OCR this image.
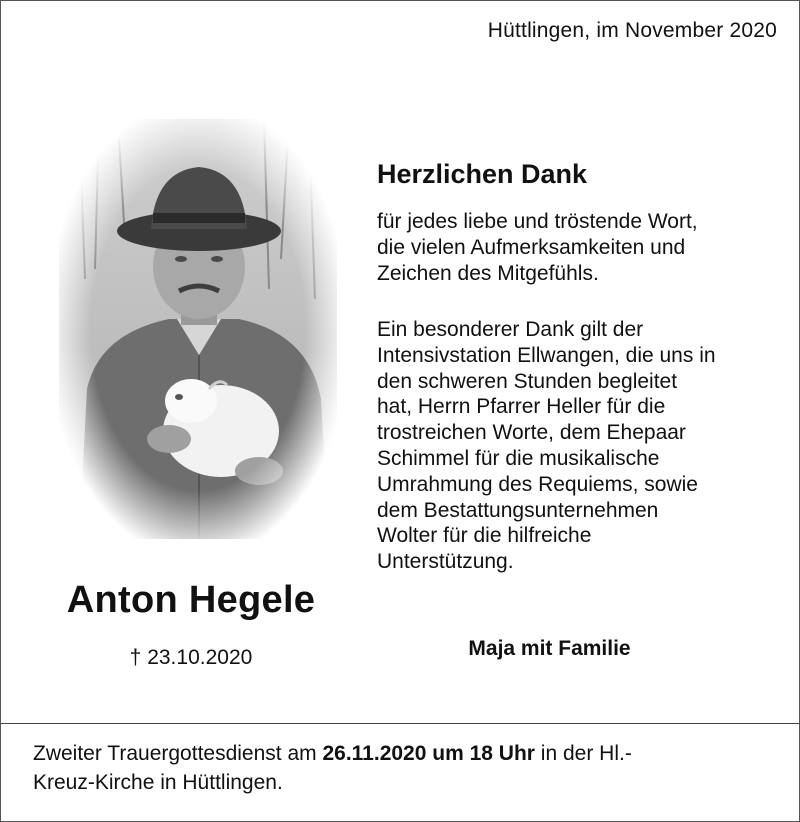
Hüttlingen, im November 2020
Anton Hegele
† 23.10.2020
Herzlichen Dank
für jedes liebe und tröstende Wort,
die vielen Aufmerksamkeiten und
Zeichen des Mitgefühls.
Ein besonderer Dank gilt der
Intensivstation Ellwangen, die uns in
den schweren Stunden begleitet
hat, Herrn Pfarrer Heller für die
trostreichen Worte, dem Ehepaar
Schimmel für die musikalische
Umrahmung des Requiems, sowie
dem Bestattungsunternehmen
Wolter für die hilfreiche
Unterstützung.
Maja mit Familie
Zweiter Trauergottesdienst am 26.11.2020 um 18 Uhr in der Hl.-
Kreuz-Kirche in Hüttlingen.
